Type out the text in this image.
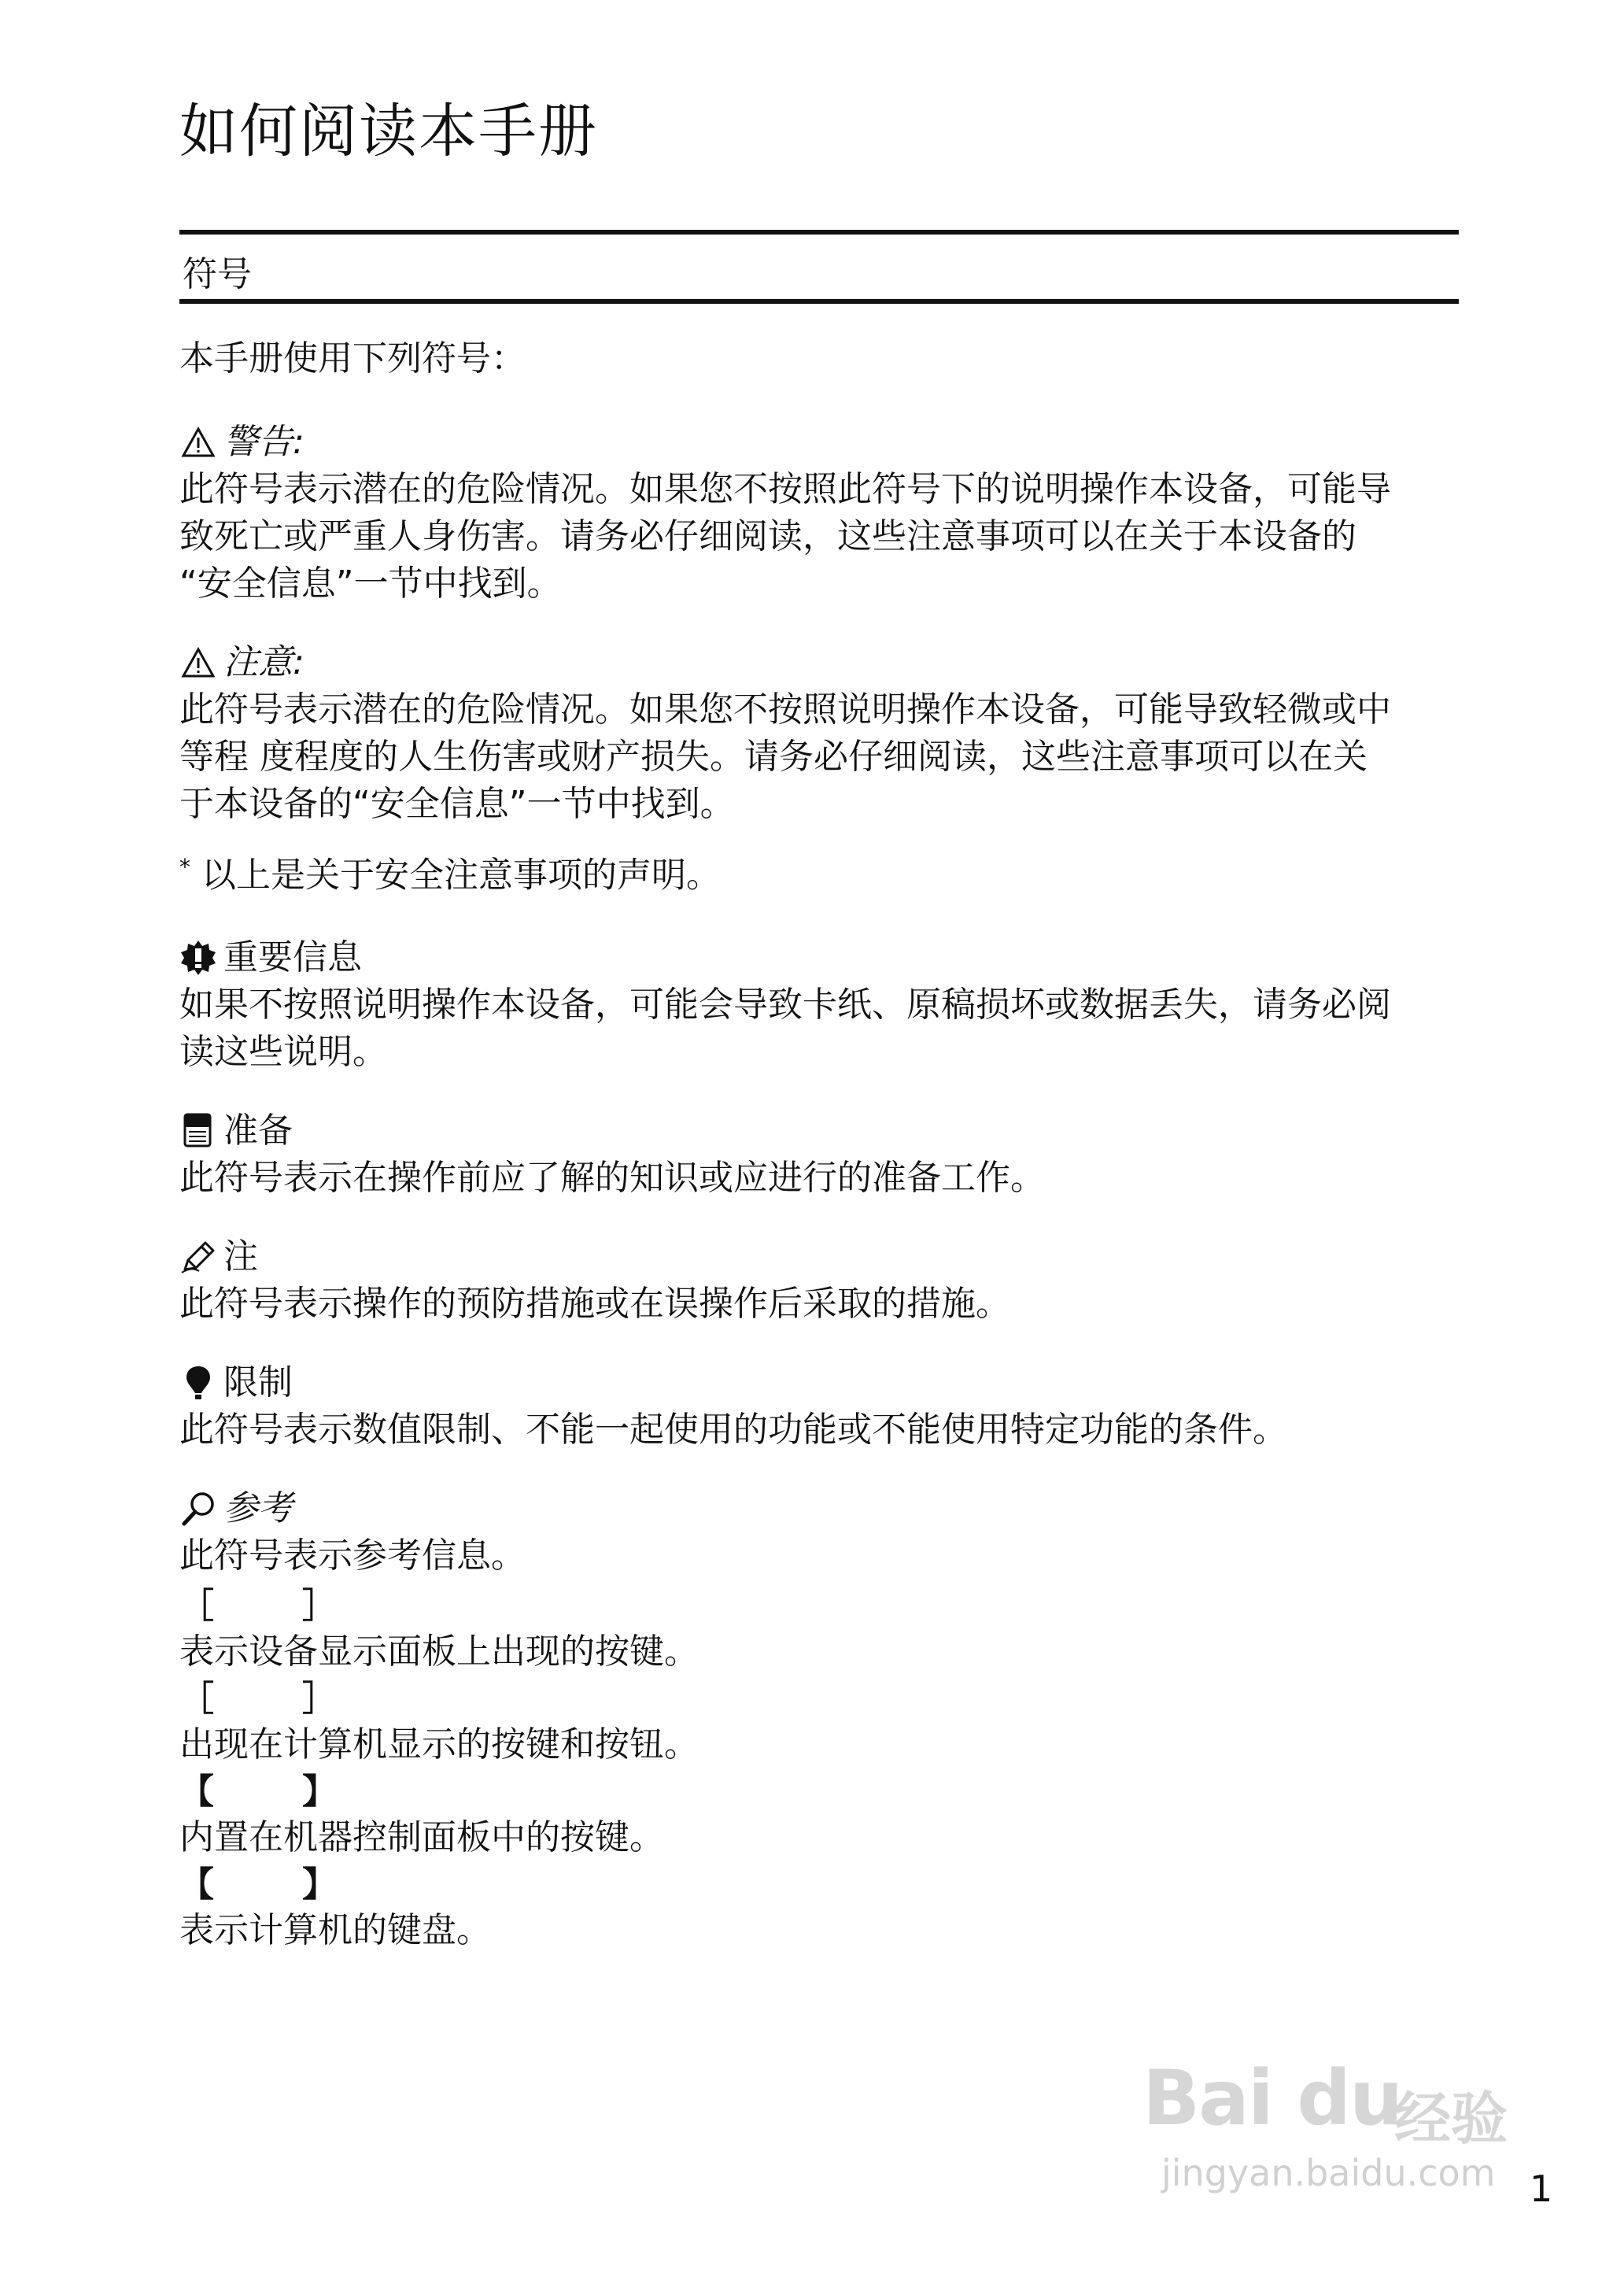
如何阅读本手册
符号

本手册使用下列符号：

警告:

此符号表示潜在的危险情况。如果您不按照此符号下的说明操作本设备，可能导

致死亡或严重人身伤害。请务必仔细阅读，这些注意事项可以在关于本设备的

“安全信息”一节中找到。

注意:

此符号表示潜在的危险情况。如果您不按照说明操作本设备，可能导致轻微或中

等程 度程度的人生伤害或财产损失。请务必仔细阅读，这些注意事项可以在关

于本设备的“安全信息”一节中找到。

* 以上是关于安全注意事项的声明。

重要信息

如果不按照说明操作本设备，可能会导致卡纸、原稿损坏或数据丢失，请务必阅

读这些说明。

准备

此符号表示在操作前应了解的知识或应进行的准备工作。

注

此符号表示操作的预防措施或在误操作后采取的措施。

限制

此符号表示数值限制、不能一起使用的功能或不能使用特定功能的条件。

参考

此符号表示参考信息。

［	］

表示设备显示面板上出现的按键。

［	］

出现在计算机显示的按键和按钮。

【	】

内置在机器控制面板中的按键。

【	】

表示计算机的键盘。

Bai du
经验
jingyan.baidu.com 1
